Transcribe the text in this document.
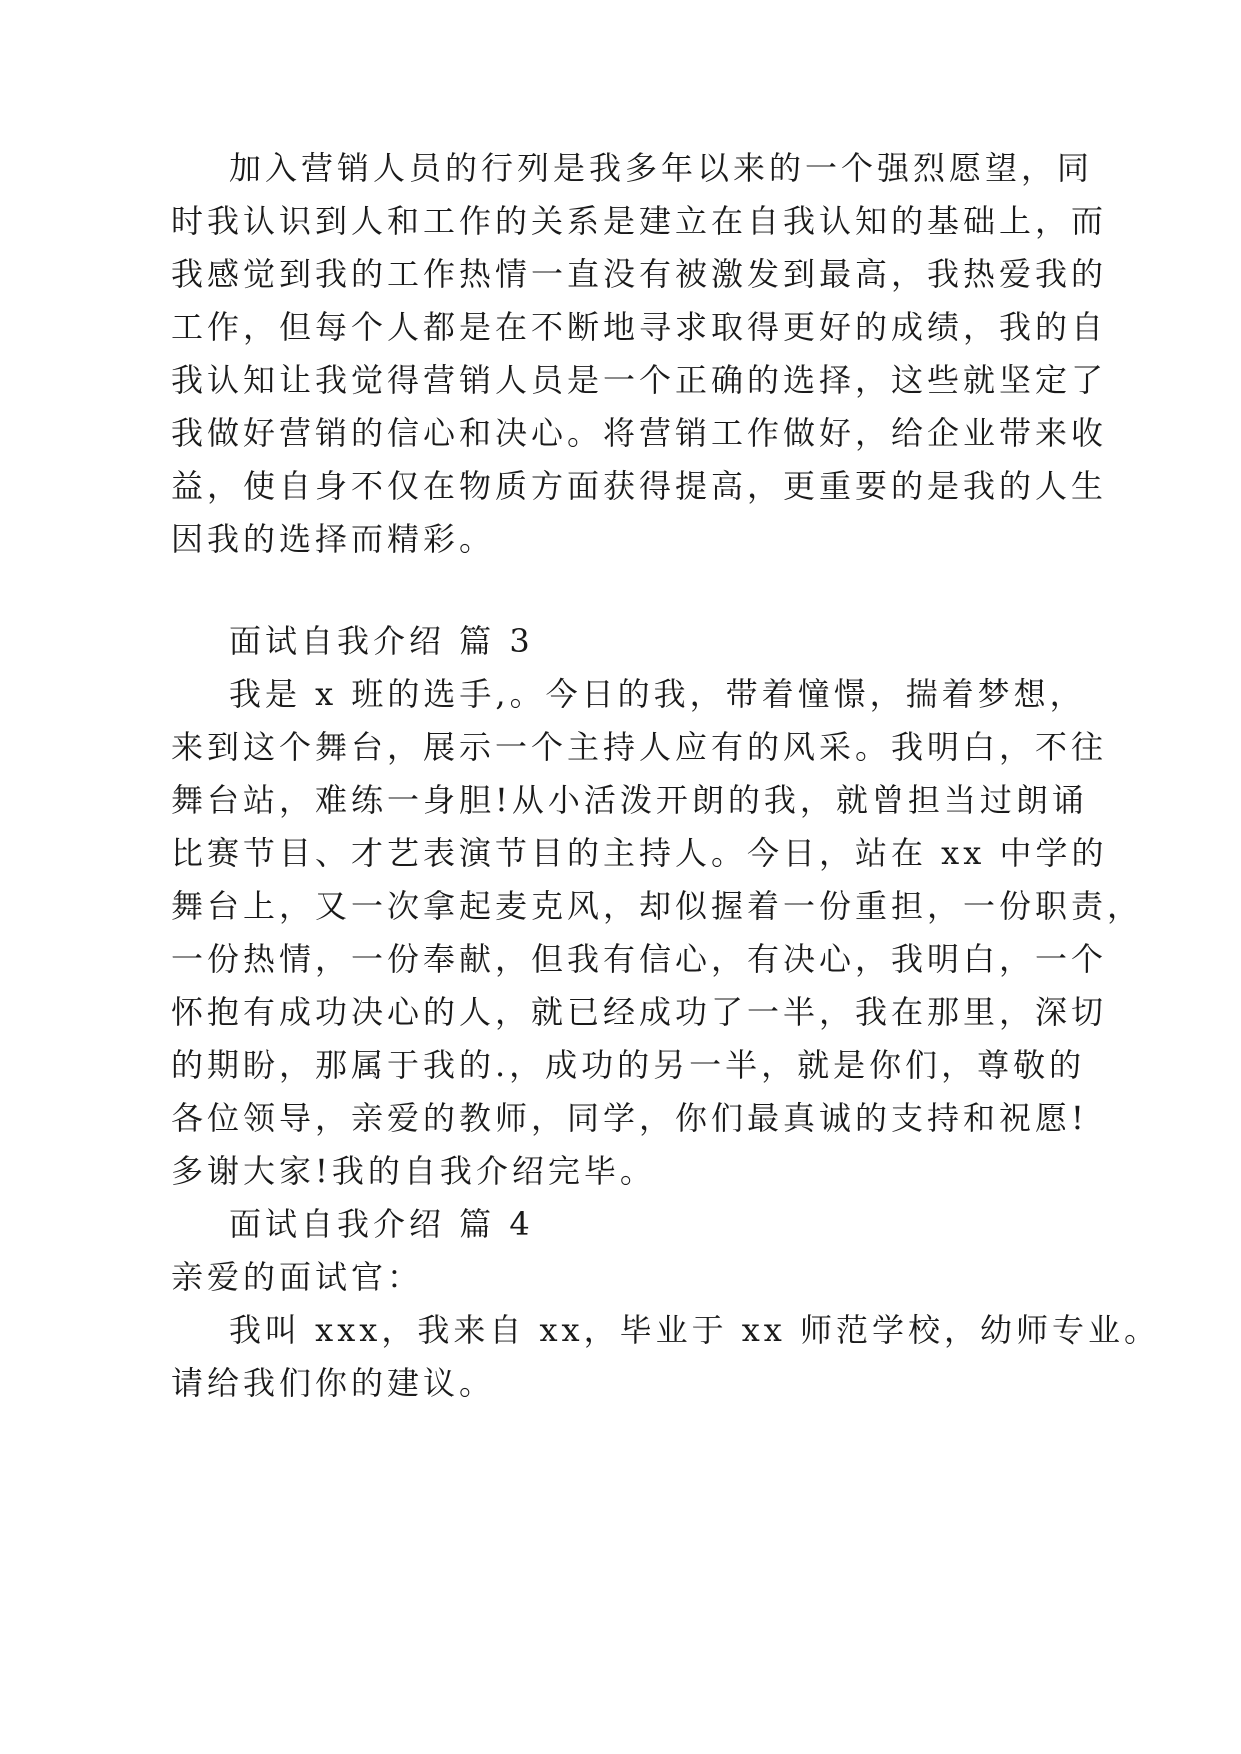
加入营销人员的行列是我多年以来的一个强烈愿望，同
时我认识到人和工作的关系是建立在自我认知的基础上，而
我感觉到我的工作热情一直没有被激发到最高，我热爱我的
工作，但每个人都是在不断地寻求取得更好的成绩，我的自
我认知让我觉得营销人员是一个正确的选择，这些就坚定了
我做好营销的信心和决心。将营销工作做好，给企业带来收
益，使自身不仅在物质方面获得提高，更重要的是我的人生
因我的选择而精彩。
面试自我介绍 篇 3
我是 x 班的选手,。今日的我，带着憧憬，揣着梦想，
来到这个舞台，展示一个主持人应有的风采。我明白，不往
舞台站，难练一身胆!从小活泼开朗的我，就曾担当过朗诵
比赛节目、才艺表演节目的主持人。今日，站在 xx 中学的
舞台上，又一次拿起麦克风，却似握着一份重担，一份职责，
一份热情，一份奉献，但我有信心，有决心，我明白，一个
怀抱有成功决心的人，就已经成功了一半，我在那里，深切
的期盼，那属于我的.，成功的另一半，就是你们，尊敬的
各位领导，亲爱的教师，同学，你们最真诚的支持和祝愿!
多谢大家!我的自我介绍完毕。
面试自我介绍 篇 4
亲爱的面试官：
我叫 xxx，我来自 xx，毕业于 xx 师范学校，幼师专业。
请给我们你的建议。
